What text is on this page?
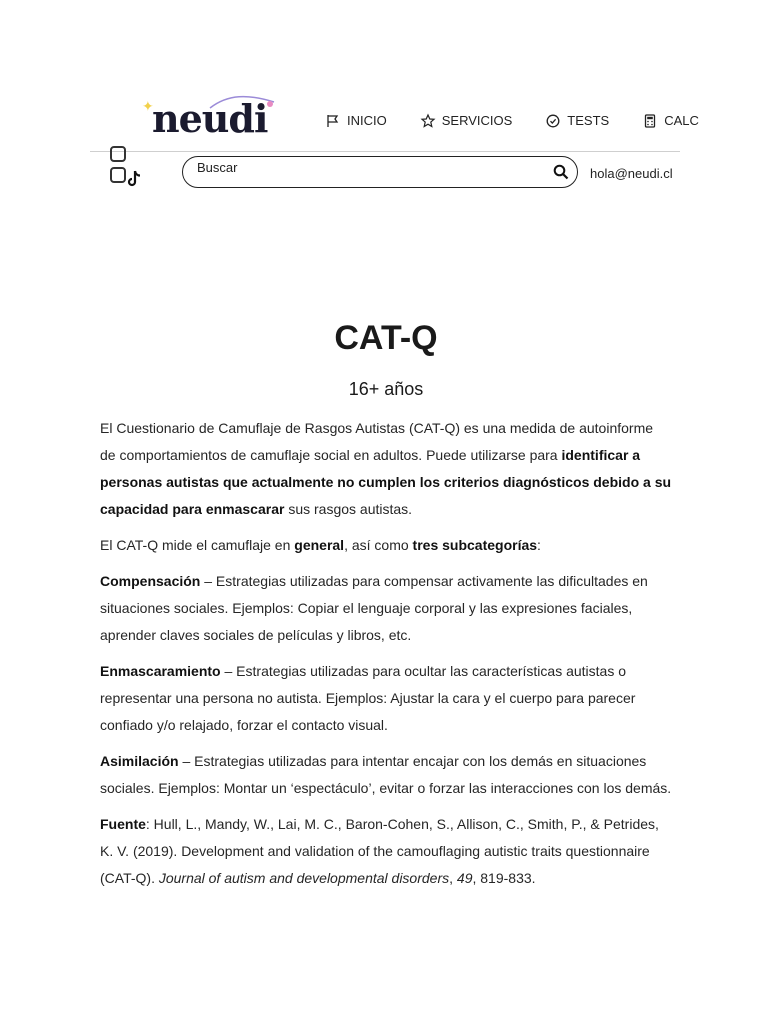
✦
neudi	INICIO	SERVICIOS	TESTS	CALC
Buscar
hola@neudi.cl
CAT-Q
16+ años

El Cuestionario de Camuflaje de Rasgos Autistas (CAT-Q) es una medida de autoinforme de comportamientos de camuflaje social en adultos. Puede utilizarse para identificar a personas autistas que actualmente no cumplen los criterios diagnósticos debido a su capacidad para enmascarar sus rasgos autistas.

El CAT-Q mide el camuflaje en general, así como tres subcategorías:

Compensación – Estrategias utilizadas para compensar activamente las dificultades en situaciones sociales. Ejemplos: Copiar el lenguaje corporal y las expresiones faciales, aprender claves sociales de películas y libros, etc.

Enmascaramiento – Estrategias utilizadas para ocultar las características autistas o representar una persona no autista. Ejemplos: Ajustar la cara y el cuerpo para parecer confiado y/o relajado, forzar el contacto visual.

Asimilación – Estrategias utilizadas para intentar encajar con los demás en situaciones sociales. Ejemplos: Montar un ‘espectáculo’, evitar o forzar las interacciones con los demás.

Fuente: Hull, L., Mandy, W., Lai, M. C., Baron-Cohen, S., Allison, C., Smith, P., & Petrides, K. V. (2019). Development and validation of the camouflaging autistic traits questionnaire (CAT-Q). Journal of autism and developmental disorders, 49, 819-833.
